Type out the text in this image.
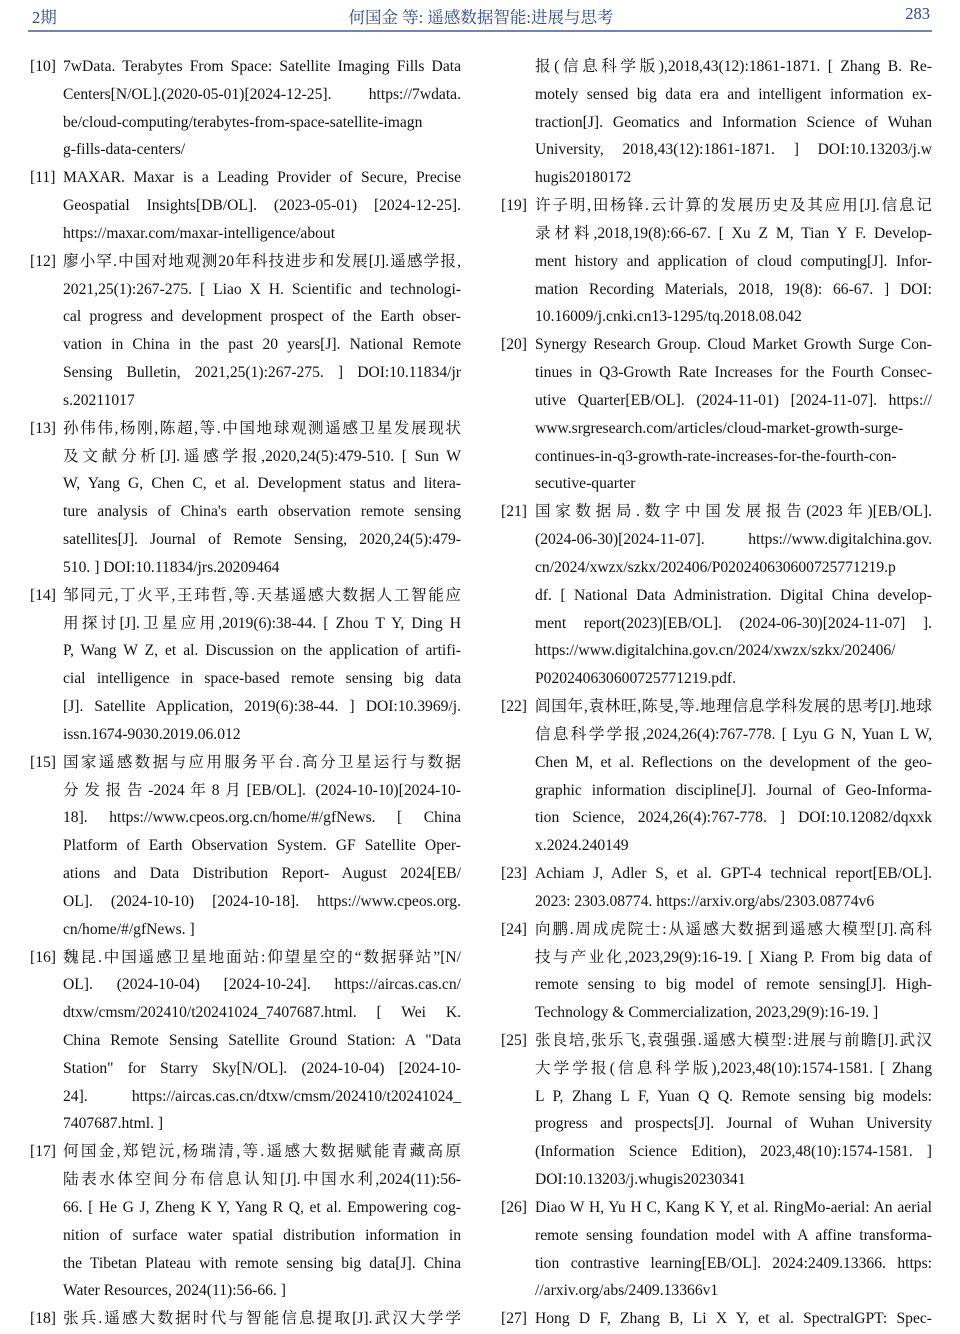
2期	何国金 等: 遥感数据智能:进展与思考	283
[10] 7wData. Terabytes From Space: Satellite Imaging Fills Data
Centers[N/OL].(2020-05-01)[2024-12-25]. https://7wdata.
be/cloud-computing/terabytes-from-space-satellite-imagn
g-fills-data-centers/
[11] MAXAR. Maxar is a Leading Provider of Secure, Precise
Geospatial Insights[DB/OL]. (2023-05-01) [2024-12-25].
https://maxar.com/maxar-intelligence/about
[12] 廖小罕.中国对地观测20年科技进步和发展[J].遥感学报,
2021,25(1):267-275. [ Liao X H. Scientific and technologi-
cal progress and development prospect of the Earth obser-
vation in China in the past 20 years[J]. National Remote
Sensing Bulletin, 2021,25(1):267-275. ] DOI:10.11834/jr
s.20211017
[13] 孙伟伟,杨刚,陈超,等.中国地球观测遥感卫星发展现状
及文献分析[J].遥感学报,2020,24(5):479-510. [ Sun W
W, Yang G, Chen C, et al. Development status and litera-
ture analysis of China's earth observation remote sensing
satellites[J]. Journal of Remote Sensing, 2020,24(5):479-
510. ] DOI:10.11834/jrs.20209464
[14] 邹同元,丁火平,王玮哲,等.天基遥感大数据人工智能应
用探讨[J].卫星应用,2019(6):38-44. [ Zhou T Y, Ding H
P, Wang W Z, et al. Discussion on the application of artifi-
cial intelligence in space-based remote sensing big data
[J]. Satellite Application, 2019(6):38-44. ] DOI:10.3969/j.
issn.1674-9030.2019.06.012
[15] 国家遥感数据与应用服务平台.高分卫星运行与数据
分发报告-2024年8月[EB/OL]. (2024-10-10)[2024-10-
18]. https://www.cpeos.org.cn/home/#/gfNews. [ China
Platform of Earth Observation System. GF Satellite Oper-
ations and Data Distribution Report- August 2024[EB/
OL]. (2024-10-10) [2024-10-18]. https://www.cpeos.org.
cn/home/#/gfNews. ]
[16] 魏昆.中国遥感卫星地面站:仰望星空的“数据驿站”[N/
OL]. (2024-10-04) [2024-10-24]. https://aircas.cas.cn/
dtxw/cmsm/202410/t20241024_7407687.html. [ Wei K.
China Remote Sensing Satellite Ground Station: A "Data
Station" for Starry Sky[N/OL]. (2024-10-04) [2024-10-
24]. https://aircas.cas.cn/dtxw/cmsm/202410/t20241024_
7407687.html. ]
[17] 何国金,郑铠沅,杨瑞清,等.遥感大数据赋能青藏高原
陆表水体空间分布信息认知[J].中国水利,2024(11):56-
66. [ He G J, Zheng K Y, Yang R Q, et al. Empowering cog-
nition of surface water spatial distribution information in
the Tibetan Plateau with remote sensing big data[J]. China
Water Resources, 2024(11):56-66. ]
[18] 张兵.遥感大数据时代与智能信息提取[J].武汉大学学
报(信息科学版),2018,43(12):1861-1871. [ Zhang B. Re-
motely sensed big data era and intelligent information ex-
traction[J]. Geomatics and Information Science of Wuhan
University, 2018,43(12):1861-1871. ] DOI:10.13203/j.w
hugis20180172
[19] 许子明,田杨锋.云计算的发展历史及其应用[J].信息记
录材料,2018,19(8):66-67. [ Xu Z M, Tian Y F. Develop-
ment history and application of cloud computing[J]. Infor-
mation Recording Materials, 2018, 19(8): 66-67. ] DOI:
10.16009/j.cnki.cn13-1295/tq.2018.08.042
[20] Synergy Research Group. Cloud Market Growth Surge Con-
tinues in Q3-Growth Rate Increases for the Fourth Consec-
utive Quarter[EB/OL]. (2024-11-01) [2024-11-07]. https://
www.srgresearch.com/articles/cloud-market-growth-surge-
continues-in-q3-growth-rate-increases-for-the-fourth-con-
secutive-quarter
[21] 国家数据局.数字中国发展报告(2023年)[EB/OL].
(2024-06-30)[2024-11-07]. https://www.digitalchina.gov.
cn/2024/xwzx/szkx/202406/P020240630600725771219.p
df. [ National Data Administration. Digital China develop-
ment report(2023)[EB/OL]. (2024-06-30)[2024-11-07] ].
https://www.digitalchina.gov.cn/2024/xwzx/szkx/202406/
P020240630600725771219.pdf.
[22] 闾国年,袁林旺,陈旻,等.地理信息学科发展的思考[J].地球
信息科学学报,2024,26(4):767-778. [ Lyu G N, Yuan L W,
Chen M, et al. Reflections on the development of the geo-
graphic information discipline[J]. Journal of Geo-Informa-
tion Science, 2024,26(4):767-778. ] DOI:10.12082/dqxxk
x.2024.240149
[23] Achiam J, Adler S, et al. GPT-4 technical report[EB/OL].
2023: 2303.08774. https://arxiv.org/abs/2303.08774v6
[24] 向鹏.周成虎院士:从遥感大数据到遥感大模型[J].高科
技与产业化,2023,29(9):16-19. [ Xiang P. From big data of
remote sensing to big model of remote sensing[J]. High-
Technology & Commercialization, 2023,29(9):16-19. ]
[25] 张良培,张乐飞,袁强强.遥感大模型:进展与前瞻[J].武汉
大学学报(信息科学版),2023,48(10):1574-1581. [ Zhang
L P, Zhang L F, Yuan Q Q. Remote sensing big models:
progress and prospects[J]. Journal of Wuhan University
(Information Science Edition), 2023,48(10):1574-1581. ]
DOI:10.13203/j.whugis20230341
[26] Diao W H, Yu H C, Kang K Y, et al. RingMo-aerial: An aerial
remote sensing foundation model with A affine transforma-
tion contrastive learning[EB/OL]. 2024:2409.13366. https:
//arxiv.org/abs/2409.13366v1
[27] Hong D F, Zhang B, Li X Y, et al. SpectralGPT: Spec-
